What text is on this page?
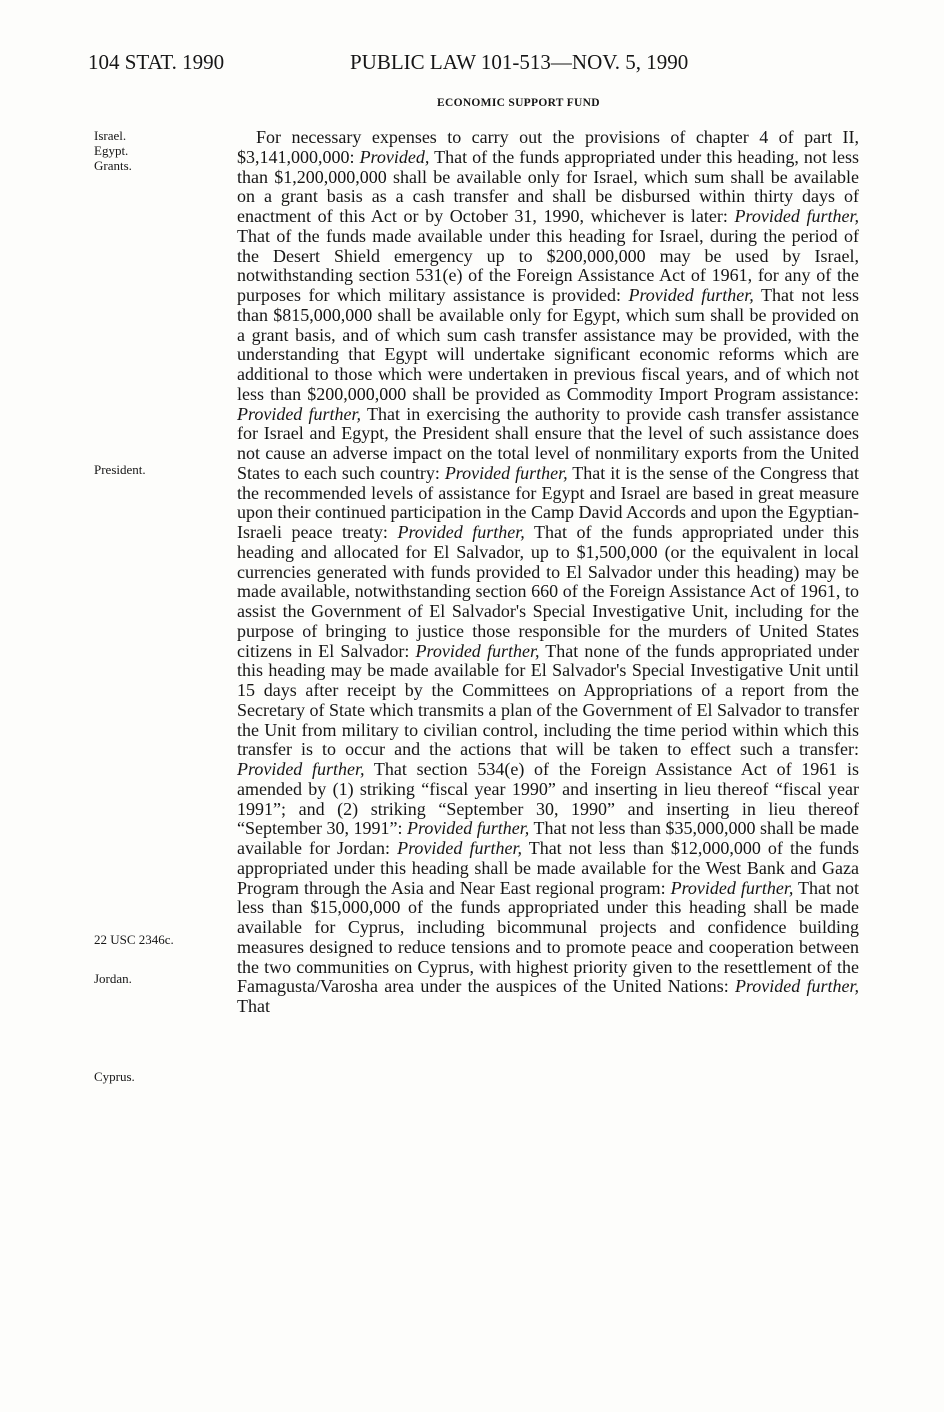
104 STAT. 1990	PUBLIC LAW 101-513—NOV. 5, 1990
ECONOMIC SUPPORT FUND
Israel.
Egypt.
Grants.
President.
22 USC 2346c.
Jordan.
Cyprus.

For necessary expenses to carry out the provisions of chapter 4 of part II, $3,141,000,000: Provided, That of the funds appropriated under this heading, not less than $1,200,000,000 shall be available only for Israel, which sum shall be available on a grant basis as a cash transfer and shall be disbursed within thirty days of enactment of this Act or by October 31, 1990, whichever is later: Provided further, That of the funds made available under this heading for Israel, during the period of the Desert Shield emergency up to $200,000,000 may be used by Israel, notwithstanding section 531(e) of the Foreign Assistance Act of 1961, for any of the purposes for which military assistance is provided: Provided further, That not less than $815,000,000 shall be available only for Egypt, which sum shall be provided on a grant basis, and of which sum cash transfer assistance may be provided, with the understanding that Egypt will undertake significant economic reforms which are additional to those which were undertaken in previous fiscal years, and of which not less than $200,000,000 shall be provided as Commodity Import Program assistance: Provided further, That in exercising the authority to provide cash transfer assistance for Israel and Egypt, the President shall ensure that the level of such assistance does not cause an adverse impact on the total level of nonmilitary exports from the United States to each such country: Provided further, That it is the sense of the Congress that the recommended levels of assistance for Egypt and Israel are based in great measure upon their continued participation in the Camp David Accords and upon the Egyptian-Israeli peace treaty: Provided further, That of the funds appropriated under this heading and allocated for El Salvador, up to $1,500,000 (or the equivalent in local currencies generated with funds provided to El Salvador under this heading) may be made available, notwithstanding section 660 of the Foreign Assistance Act of 1961, to assist the Government of El Salvador's Special Investigative Unit, including for the purpose of bringing to justice those responsible for the murders of United States citizens in El Salvador: Provided further, That none of the funds appropriated under this heading may be made available for El Salvador's Special Investigative Unit until 15 days after receipt by the Committees on Appropriations of a report from the Secretary of State which transmits a plan of the Government of El Salvador to transfer the Unit from military to civilian control, including the time period within which this transfer is to occur and the actions that will be taken to effect such a transfer: Provided further, That section 534(e) of the Foreign Assistance Act of 1961 is amended by (1) striking “fiscal year 1990” and inserting in lieu thereof “fiscal year 1991”; and (2) striking “September 30, 1990” and inserting in lieu thereof “September 30, 1991”: Provided further, That not less than $35,000,000 shall be made available for Jordan: Provided further, That not less than $12,000,000 of the funds appropriated under this heading shall be made available for the West Bank and Gaza Program through the Asia and Near East regional program: Provided further, That not less than $15,000,000 of the funds appropriated under this heading shall be made available for Cyprus, including bicommunal projects and confidence building measures designed to reduce tensions and to promote peace and cooperation between the two communities on Cyprus, with highest priority given to the resettlement of the Famagusta/Varosha area under the auspices of the United Nations: Provided further, That
